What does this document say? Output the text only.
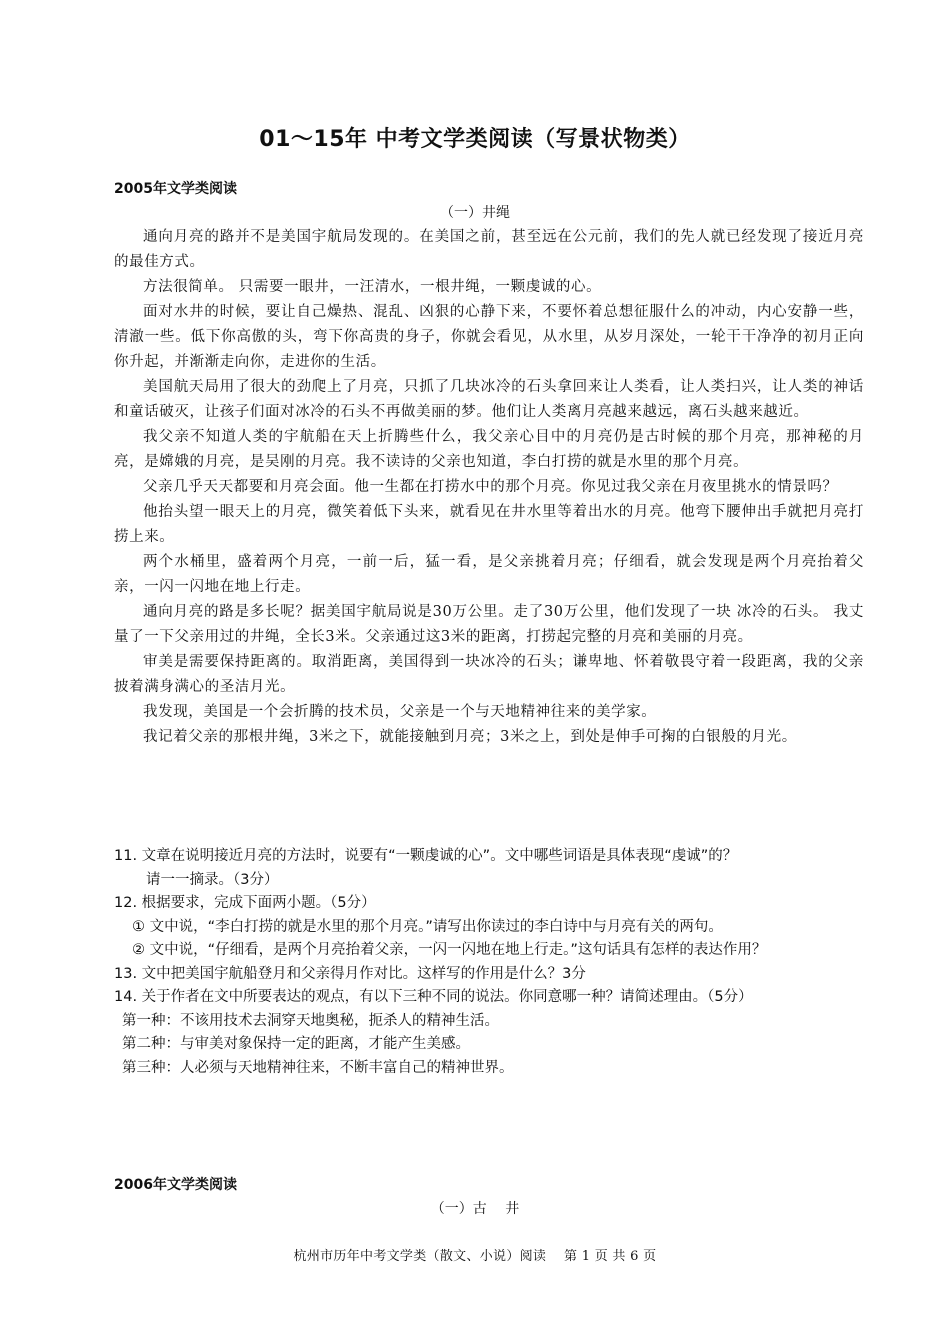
01～15年 中考文学类阅读（写景状物类）
2005年文学类阅读
（一）井绳

通向月亮的路并不是美国宇航局发现的。在美国之前，甚至远在公元前，我们的先人就已经发现了接近月亮的最佳方式。

方法很简单。 只需要一眼井，一汪清水，一根井绳，一颗虔诚的心。

面对水井的时候，要让自己燥热、混乱、凶狠的心静下来，不要怀着总想征服什么的冲动，内心安静一些，清澈一些。低下你高傲的头，弯下你高贵的身子，你就会看见，从水里，从岁月深处，一轮干干净净的初月正向你升起，并渐渐走向你，走进你的生活。

美国航天局用了很大的劲爬上了月亮，只抓了几块冰冷的石头拿回来让人类看，让人类扫兴，让人类的神话和童话破灭，让孩子们面对冰冷的石头不再做美丽的梦。他们让人类离月亮越来越远，离石头越来越近。

我父亲不知道人类的宇航船在天上折腾些什么，我父亲心目中的月亮仍是古时候的那个月亮，那神秘的月亮，是嫦娥的月亮，是吴刚的月亮。我不读诗的父亲也知道，李白打捞的就是水里的那个月亮。

父亲几乎天天都要和月亮会面。他一生都在打捞水中的那个月亮。你见过我父亲在月夜里挑水的情景吗？

他抬头望一眼天上的月亮，微笑着低下头来，就看见在井水里等着出水的月亮。他弯下腰伸出手就把月亮打捞上来。

两个水桶里，盛着两个月亮，一前一后，猛一看，是父亲挑着月亮；仔细看，就会发现是两个月亮抬着父亲，一闪一闪地在地上行走。

通向月亮的路是多长呢？据美国宇航局说是30万公里。走了30万公里，他们发现了一块 冰冷的石头。 我丈量了一下父亲用过的井绳，全长3米。父亲通过这3米的距离，打捞起完整的月亮和美丽的月亮。

审美是需要保持距离的。取消距离，美国得到一块冰冷的石头；谦卑地、怀着敬畏守着一段距离，我的父亲披着满身满心的圣洁月光。

我发现，美国是一个会折腾的技术员，父亲是一个与天地精神往来的美学家。

我记着父亲的那根井绳，3米之下，就能接触到月亮；3米之上，到处是伸手可掬的白银般的月光。

11. 文章在说明接近月亮的方法时，说要有“一颗虔诚的心”。文中哪些词语是具体表现“虔诚”的？
请一一摘录。（3分）
12. 根据要求，完成下面两小题。（5分）
① 文中说，“李白打捞的就是水里的那个月亮。”请写出你读过的李白诗中与月亮有关的两句。
② 文中说，“仔细看，是两个月亮抬着父亲，一闪一闪地在地上行走。”这句话具有怎样的表达作用？
13. 文中把美国宇航船登月和父亲得月作对比。这样写的作用是什么？3分
14. 关于作者在文中所要表达的观点，有以下三种不同的说法。你同意哪一种？请简述理由。（5分）
第一种：不该用技术去洞穿天地奥秘，扼杀人的精神生活。
第二种：与审美对象保持一定的距离，才能产生美感。
第三种：人必须与天地精神往来，不断丰富自己的精神世界。
2006年文学类阅读
（一）古　 井
杭州市历年中考文学类（散文、小说）阅读　 第 1 页 共 6 页
